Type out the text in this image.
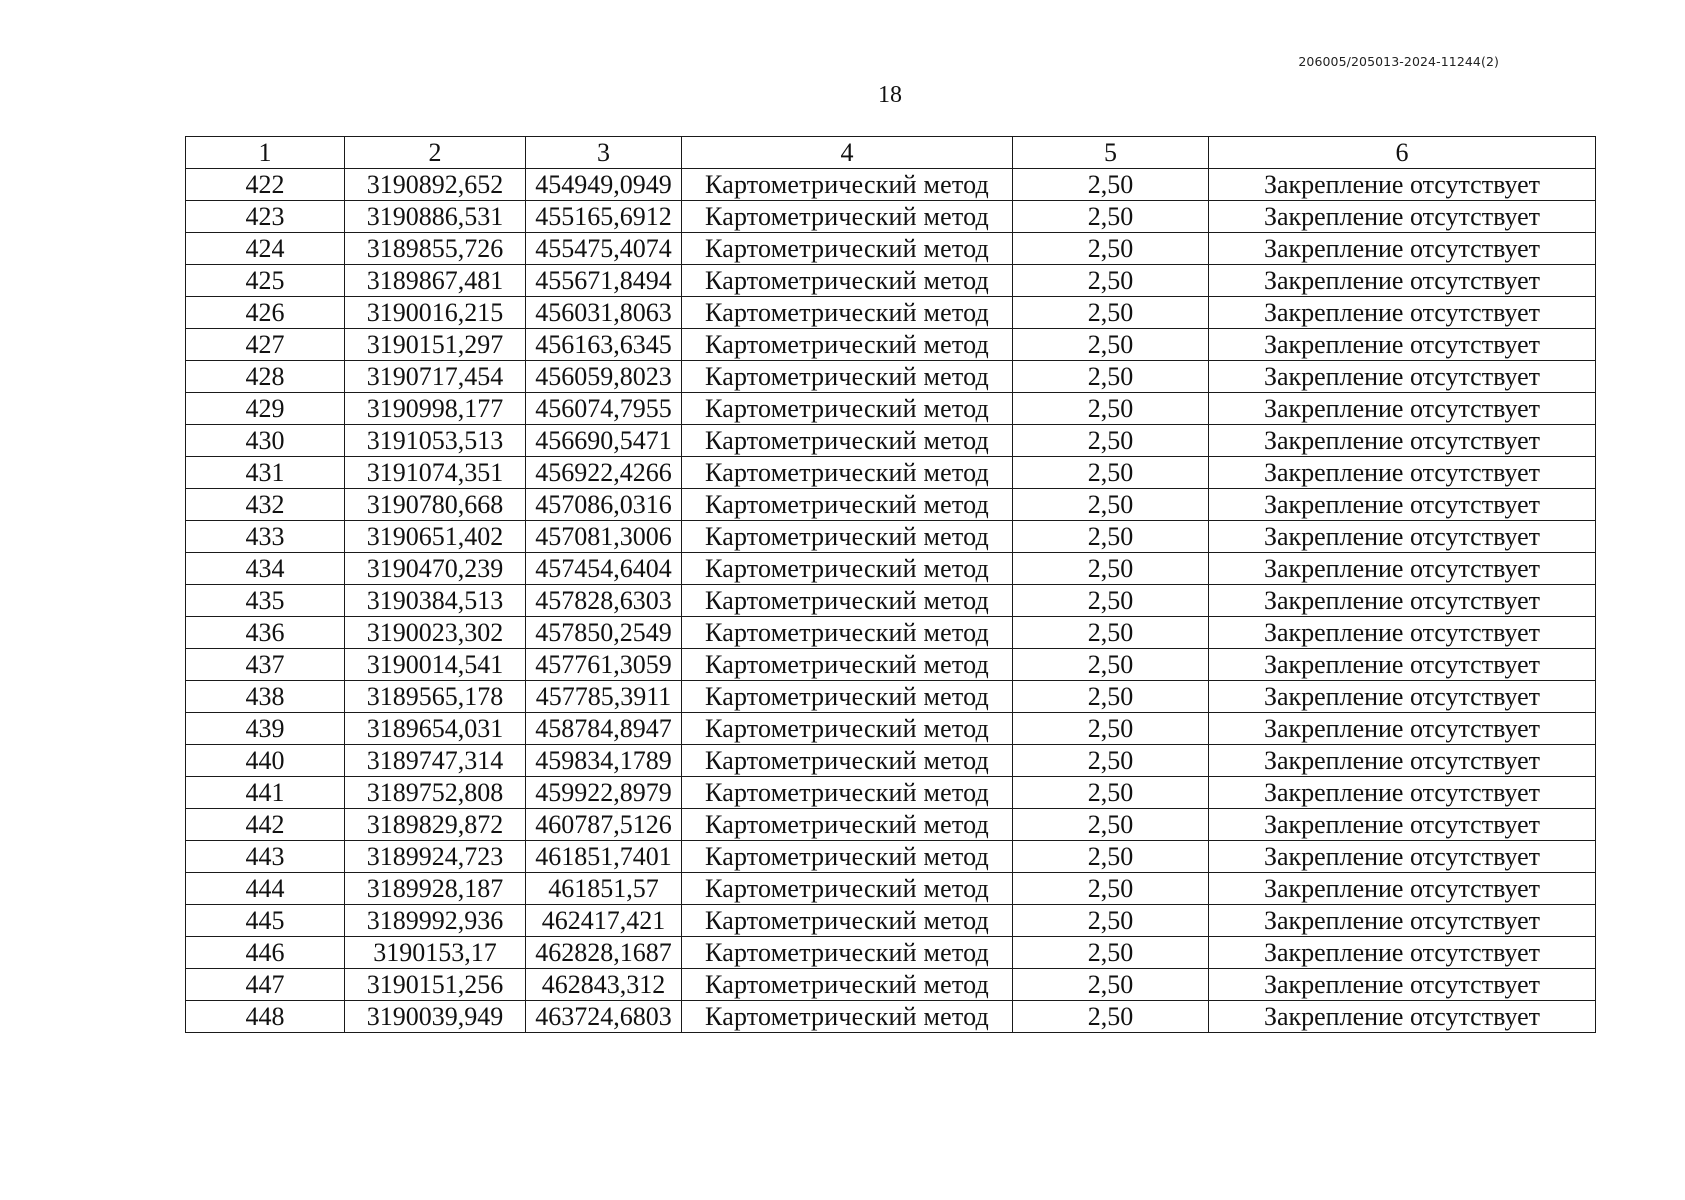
206005/205013-2024-11244(2)
18
1	2	3	4	5	6
422	3190892,652	454949,0949	Картометрический метод	2,50	Закрепление отсутствует
423	3190886,531	455165,6912	Картометрический метод	2,50	Закрепление отсутствует
424	3189855,726	455475,4074	Картометрический метод	2,50	Закрепление отсутствует
425	3189867,481	455671,8494	Картометрический метод	2,50	Закрепление отсутствует
426	3190016,215	456031,8063	Картометрический метод	2,50	Закрепление отсутствует
427	3190151,297	456163,6345	Картометрический метод	2,50	Закрепление отсутствует
428	3190717,454	456059,8023	Картометрический метод	2,50	Закрепление отсутствует
429	3190998,177	456074,7955	Картометрический метод	2,50	Закрепление отсутствует
430	3191053,513	456690,5471	Картометрический метод	2,50	Закрепление отсутствует
431	3191074,351	456922,4266	Картометрический метод	2,50	Закрепление отсутствует
432	3190780,668	457086,0316	Картометрический метод	2,50	Закрепление отсутствует
433	3190651,402	457081,3006	Картометрический метод	2,50	Закрепление отсутствует
434	3190470,239	457454,6404	Картометрический метод	2,50	Закрепление отсутствует
435	3190384,513	457828,6303	Картометрический метод	2,50	Закрепление отсутствует
436	3190023,302	457850,2549	Картометрический метод	2,50	Закрепление отсутствует
437	3190014,541	457761,3059	Картометрический метод	2,50	Закрепление отсутствует
438	3189565,178	457785,3911	Картометрический метод	2,50	Закрепление отсутствует
439	3189654,031	458784,8947	Картометрический метод	2,50	Закрепление отсутствует
440	3189747,314	459834,1789	Картометрический метод	2,50	Закрепление отсутствует
441	3189752,808	459922,8979	Картометрический метод	2,50	Закрепление отсутствует
442	3189829,872	460787,5126	Картометрический метод	2,50	Закрепление отсутствует
443	3189924,723	461851,7401	Картометрический метод	2,50	Закрепление отсутствует
444	3189928,187	461851,57	Картометрический метод	2,50	Закрепление отсутствует
445	3189992,936	462417,421	Картометрический метод	2,50	Закрепление отсутствует
446	3190153,17	462828,1687	Картометрический метод	2,50	Закрепление отсутствует
447	3190151,256	462843,312	Картометрический метод	2,50	Закрепление отсутствует
448	3190039,949	463724,6803	Картометрический метод	2,50	Закрепление отсутствует
